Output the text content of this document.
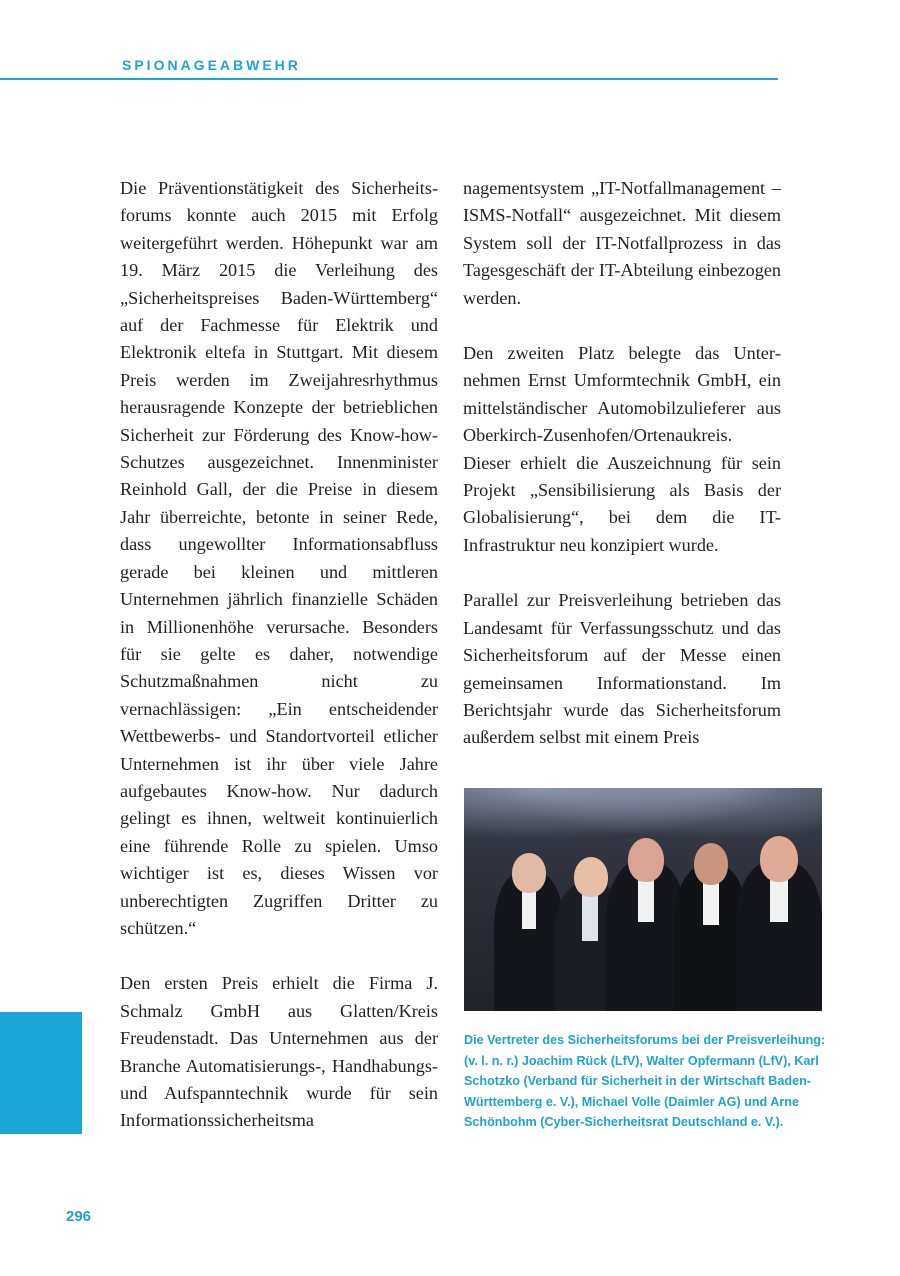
SPIONAGEABWEHR

Die Präventionstätigkeit des Sicherheitsforums konnte auch 2015 mit Erfolg weitergeführt werden. Höhepunkt war am 19. März 2015 die Verleihung des „Sicherheitspreises Baden-Württemberg“ auf der Fachmesse für Elektrik und Elektronik eltefa in Stuttgart. Mit diesem Preis werden im Zweijahresrhythmus herausragende Konzepte der betrieblichen Sicherheit zur Förderung des Know-how-Schutzes ausgezeichnet. Innenminister Reinhold Gall, der die Preise in diesem Jahr überreichte, betonte in seiner Rede, dass ungewollter Informationsabfluss gerade bei kleinen und mittleren Unternehmen jährlich finanzielle Schäden in Millionenhöhe verursache. Besonders für sie gelte es daher, notwendige Schutzmaßnahmen nicht zu vernachlässigen: „Ein entscheidender Wettbewerbs- und Standortvorteil etlicher Unternehmen ist ihr über viele Jahre aufgebautes Know-how. Nur dadurch gelingt es ihnen, weltweit kontinuierlich eine führende Rolle zu spielen. Umso wichtiger ist es, dieses Wissen vor unberechtigten Zugriffen Dritter zu schützen.“

Den ersten Preis erhielt die Firma J. Schmalz GmbH aus Glatten/Kreis Freudenstadt. Das Unternehmen aus der Branche Automatisierungs-, Handhabungs- und Aufspanntechnik wurde für sein Informationssicherheitsma

nagementsystem „IT-Notfallmanagement – ISMS-Notfall“ ausgezeichnet. Mit diesem System soll der IT-Notfallprozess in das Tagesgeschäft der IT-Abteilung einbezogen werden.

Den zweiten Platz belegte das Unternehmen Ernst Umformtechnik GmbH, ein mittelständischer Automobilzulieferer aus Oberkirch-Zusenhofen/Ortenaukreis. Dieser erhielt die Auszeichnung für sein Projekt „Sensibilisierung als Basis der Globalisierung“, bei dem die IT-Infrastruktur neu konzipiert wurde.

Parallel zur Preisverleihung betrieben das Landesamt für Verfassungsschutz und das Sicherheitsforum auf der Messe einen gemeinsamen Informationstand. Im Berichtsjahr wurde das Sicherheitsforum außerdem selbst mit einem Preis

Die Vertreter des Sicherheitsforums bei der Preisverleihung: (v. l. n. r.) Joachim Rück (LfV), Walter Opfermann (LfV), Karl Schotzko (Verband für Sicherheit in der Wirtschaft Baden-Württemberg e. V.), Michael Volle (Daimler AG) und Arne Schönbohm (Cyber-Sicherheitsrat Deutschland e. V.).
296
